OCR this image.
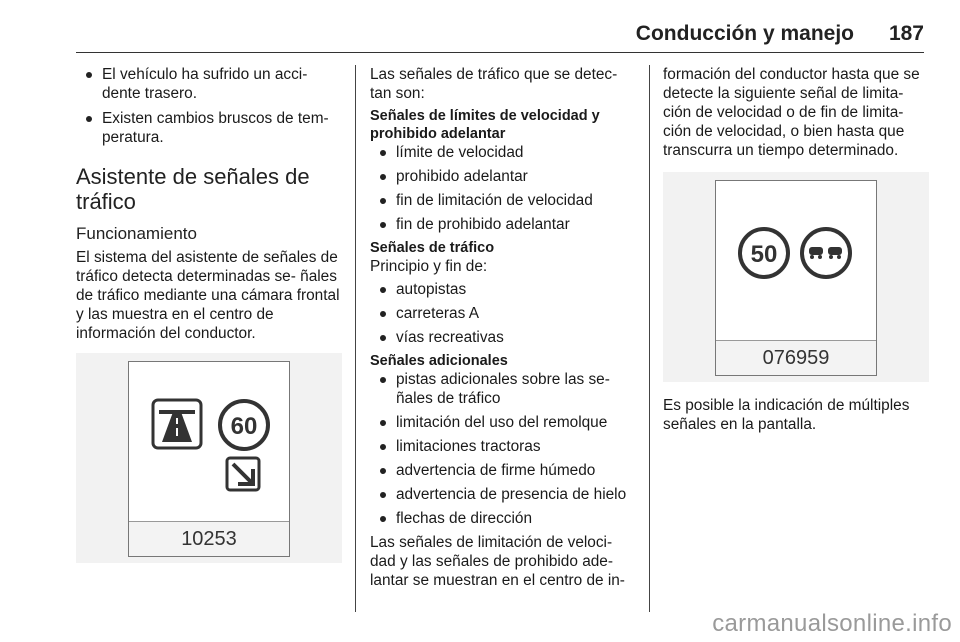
Conducción y manejo 187
El vehículo ha sufrido un acci-
dente trasero.
Existen cambios bruscos de tem-
peratura.
Asistente de señales de tráfico
Funcionamiento

El sistema del asistente de señales de tráfico detecta determinadas se- ñales de tráfico mediante una cámara frontal y las muestra en el centro de información del conductor.

60
10253

Las señales de tráfico que se detec- tan son:

Señales de límites de velocidad y prohibido adelantar
límite de velocidad
prohibido adelantar
fin de limitación de velocidad
fin de prohibido adelantar
Señales de tráfico

Principio y fin de:

autopistas
carreteras A
vías recreativas
Señales adicionales
pistas adicionales sobre las se- ñales de tráfico
limitación del uso del remolque
limitaciones tractoras
advertencia de firme húmedo
advertencia de presencia de hielo
flechas de dirección

Las señales de limitación de veloci- dad y las señales de prohibido ade- lantar se muestran en el centro de in-

formación del conductor hasta que se detecte la siguiente señal de limita- ción de velocidad o de fin de limita- ción de velocidad, o bien hasta que transcurra un tiempo determinado.

50
076959

Es posible la indicación de múltiples señales en la pantalla.

carmanualsonline.info
